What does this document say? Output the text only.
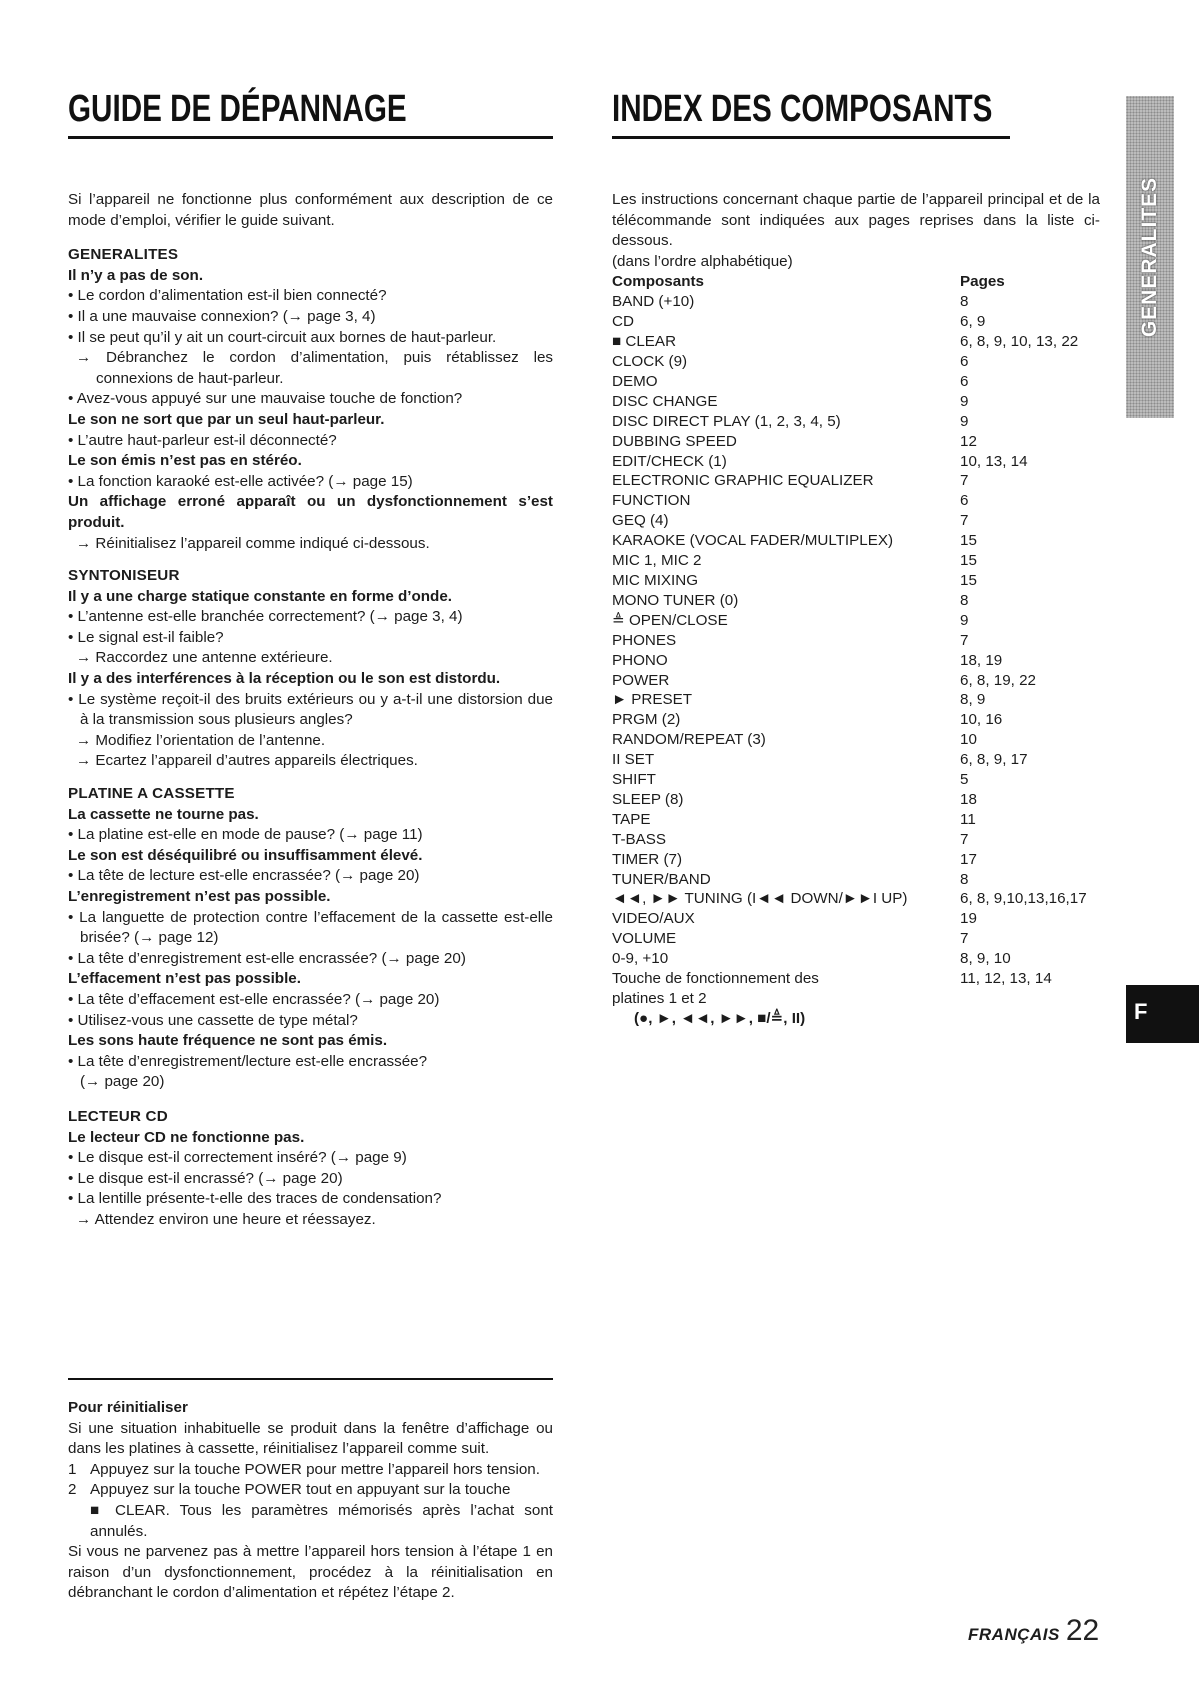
GUIDE DE DÉPANNAGE

Si l’appareil ne fonctionne plus conformément aux description de ce mode d’emploi, vérifier le guide suivant.

GENERALITES

Il n’y a pas de son.

• Le cordon d’alimentation est-il bien connecté?

• Il a une mauvaise connexion? (→ page 3, 4)

• Il se peut qu’il y ait un court-circuit aux bornes de haut-parleur.

→ Débranchez le cordon d’alimentation, puis rétablissez les connexions de haut-parleur.

• Avez-vous appuyé sur une mauvaise touche de fonction?

Le son ne sort que par un seul haut-parleur.

• L’autre haut-parleur est-il déconnecté?

Le son émis n’est pas en stéréo.

• La fonction karaoké est-elle activée? (→ page 15)

Un affichage erroné apparaît ou un dysfonctionnement s’est produit.

→ Réinitialisez l’appareil comme indiqué ci-dessous.

SYNTONISEUR

Il y a une charge statique constante en forme d’onde.

• L’antenne est-elle branchée correctement? (→ page 3, 4)

• Le signal est-il faible?

→ Raccordez une antenne extérieure.

Il y a des interférences à la réception ou le son est distordu.

• Le système reçoit-il des bruits extérieurs ou y a-t-il une distorsion due à la transmission sous plusieurs angles?

→ Modifiez l’orientation de l’antenne.

→ Ecartez l’appareil d’autres appareils électriques.

PLATINE A CASSETTE

La cassette ne tourne pas.

• La platine est-elle en mode de pause? (→ page 11)

Le son est déséquilibré ou insuffisamment élevé.

• La tête de lecture est-elle encrassée? (→ page 20)

L’enregistrement n’est pas possible.

• La languette de protection contre l’effacement de la cassette est-elle brisée? (→ page 12)

• La tête d’enregistrement est-elle encrassée? (→ page 20)

L’effacement n’est pas possible.

• La tête d’effacement est-elle encrassée? (→ page 20)

• Utilisez-vous une cassette de type métal?

Les sons haute fréquence ne sont pas émis.

• La tête d’enregistrement/lecture est-elle encrassée?

(→ page 20)

LECTEUR CD

Le lecteur CD ne fonctionne pas.

• Le disque est-il correctement inséré? (→ page 9)

• Le disque est-il encrassé? (→ page 20)

• La lentille présente-t-elle des traces de condensation?

→ Attendez environ une heure et réessayez.

Pour réinitialiser

Si une situation inhabituelle se produit dans la fenêtre d’affichage ou dans les platines à cassette, réinitialisez l’appareil comme suit.

1 Appuyez sur la touche POWER pour mettre l’appareil hors tension.

2 Appuyez sur la touche POWER tout en appuyant sur la touche

■ CLEAR. Tous les paramètres mémorisés après l’achat sont annulés.

Si vous ne parvenez pas à mettre l’appareil hors tension à l’étape 1 en raison d’un dysfonctionnement, procédez à la réinitialisation en débranchant le cordon d’alimentation et répétez l’étape 2.

INDEX DES COMPOSANTS

Les instructions concernant chaque partie de l’appareil principal et de la télécommande sont indiquées aux pages reprises dans la liste ci-dessous.

(dans l’ordre alphabétique)

Composants	Pages
BAND (+10)	8
CD	6, 9
■ CLEAR	6, 8, 9, 10, 13, 22
CLOCK (9)	6
DEMO	6
DISC CHANGE	9
DISC DIRECT PLAY (1, 2, 3, 4, 5)	9
DUBBING SPEED	12
EDIT/CHECK (1)	10, 13, 14
ELECTRONIC GRAPHIC EQUALIZER	7
FUNCTION	6
GEQ (4)	7
KARAOKE (VOCAL FADER/MULTIPLEX)	15
MIC 1, MIC 2	15
MIC MIXING	15
MONO TUNER (0)	8
≜ OPEN/CLOSE	9
PHONES	7
PHONO	18, 19
POWER	6, 8, 19, 22
► PRESET	8, 9
PRGM (2)	10, 16
RANDOM/REPEAT (3)	10
II SET	6, 8, 9, 17
SHIFT	5
SLEEP (8)	18
TAPE	11
T-BASS	7
TIMER (7)	17
TUNER/BAND	8
◄◄, ►► TUNING (I◄◄ DOWN/►►I UP)	6, 8, 9,10,13,16,17
VIDEO/AUX	19
VOLUME	7
0-9, +10	8, 9, 10
Touche de fonctionnement des	11, 12, 13, 14
platines 1 et 2	

(●, ►, ◄◄, ►►, ■/≜, II)

GENERALITES
F
FRANÇAIS 22
